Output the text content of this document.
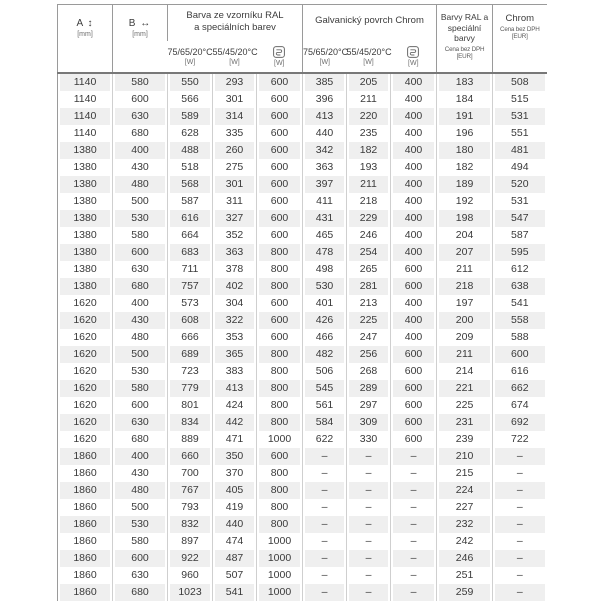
A ↕
[mm]

B ↔
[mm]

Barva ze vzorníku RAL
a speciálních barev

Galvanický povrch Chrom	Barvy RAL a
speciální barvy
Cena bez DPH [EUR]

Chrom
Cena bez DPH [EUR]

75/65/20°C
[W]

55/45/20°C
[W]	[W]

75/65/20°C
[W]

55/45/20°C
[W]	[W]

1140	580	550	293	600	385	205	400	183	508
1140	600	566	301	600	396	211	400	184	515
1140	630	589	314	600	413	220	400	191	531
1140	680	628	335	600	440	235	400	196	551
1380	400	488	260	600	342	182	400	180	481
1380	430	518	275	600	363	193	400	182	494
1380	480	568	301	600	397	211	400	189	520
1380	500	587	311	600	411	218	400	192	531
1380	530	616	327	600	431	229	400	198	547
1380	580	664	352	600	465	246	400	204	587
1380	600	683	363	800	478	254	400	207	595
1380	630	711	378	800	498	265	600	211	612
1380	680	757	402	800	530	281	600	218	638
1620	400	573	304	600	401	213	400	197	541
1620	430	608	322	600	426	225	400	200	558
1620	480	666	353	600	466	247	400	209	588
1620	500	689	365	800	482	256	600	211	600
1620	530	723	383	800	506	268	600	214	616
1620	580	779	413	800	545	289	600	221	662
1620	600	801	424	800	561	297	600	225	674
1620	630	834	442	800	584	309	600	231	692
1620	680	889	471	1000	622	330	600	239	722
1860	400	660	350	600	–	–	–	210	–
1860	430	700	370	800	–	–	–	215	–
1860	480	767	405	800	–	–	–	224	–
1860	500	793	419	800	–	–	–	227	–
1860	530	832	440	800	–	–	–	232	–
1860	580	897	474	1000	–	–	–	242	–
1860	600	922	487	1000	–	–	–	246	–
1860	630	960	507	1000	–	–	–	251	–
1860	680	1023	541	1000	–	–	–	259	–
